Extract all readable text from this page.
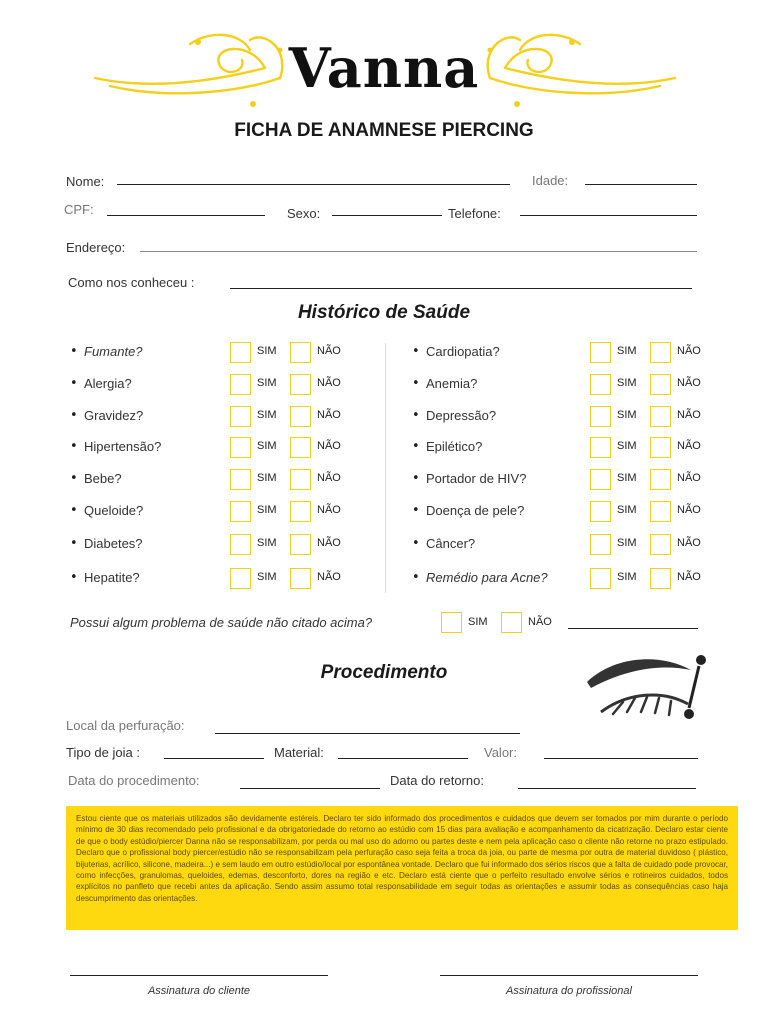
Vanna
FICHA DE ANAMNESE PIERCING
Nome:	Idade:
CPF:	Sexo:	Telefone:
Endereço:
Como nos conheceu :
Histórico de Saúde
• Fumante?	SIM	NÃO
• Alergia?	SIM	NÃO
• Gravidez?	SIM	NÃO
• Hipertensão?	SIM	NÃO
• Bebe?	SIM	NÃO
• Queloide?	SIM	NÃO
• Diabetes?	SIM	NÃO
• Hepatite?	SIM	NÃO
• Cardiopatia?	SIM	NÃO
• Anemia?	SIM	NÃO
• Depressão?	SIM	NÃO
• Epilético?	SIM	NÃO
• Portador de HIV?	SIM	NÃO
• Doença de pele?	SIM	NÃO
• Câncer?	SIM	NÃO
• Remédio para Acne?	SIM	NÃO
Possui algum problema de saúde não citado acima?	SIM	NÃO
Procedimento
Local da perfuração:
Tipo de joia :	Material:	Valor:
Data do procedimento:	Data do retorno:
Estou ciente que os materiais utilizados são devidamente estéreis. Declaro ter sido informado dos procedimentos e cuidados que devem ser tomados por mim durante o período mínimo de 30 dias recomendado pelo profissional e da obrigatoriedade do retorno ao estúdio com 15 dias para avaliação e acompanhamento da cicatrização. Declaro estar ciente de que o body estúdio/piercer Danna não se responsabilizam, por perda ou mal uso do adorno ou partes deste e nem pela aplicação caso o cliente não retorne no prazo estipulado. Declaro que o profissional body piercer/estúdio não se responsabilizam pela perfuração caso seja feita a troca da joia, ou parte de mesma por outra de material duvidoso ( plástico, bijuterias, acrílico, silicone, madeira...) e sem laudo em outro estúdio/local por espontânea vontade. Declaro que fui informado dos sérios riscos que a falta de cuidado pode provocar, como infecções, granulomas, queloides, edemas, desconforto, dores na região e etc. Declaro está ciente que o perfeito resultado envolve sérios e rotineiros cuidados, todos explícitos no panfleto que recebi antes da aplicação. Sendo assim assumo total responsabilidade em seguir todas as orientações e assumir todas as consequências caso haja descumprimento das orientações.
Assinatura do cliente	Assinatura do profissional
